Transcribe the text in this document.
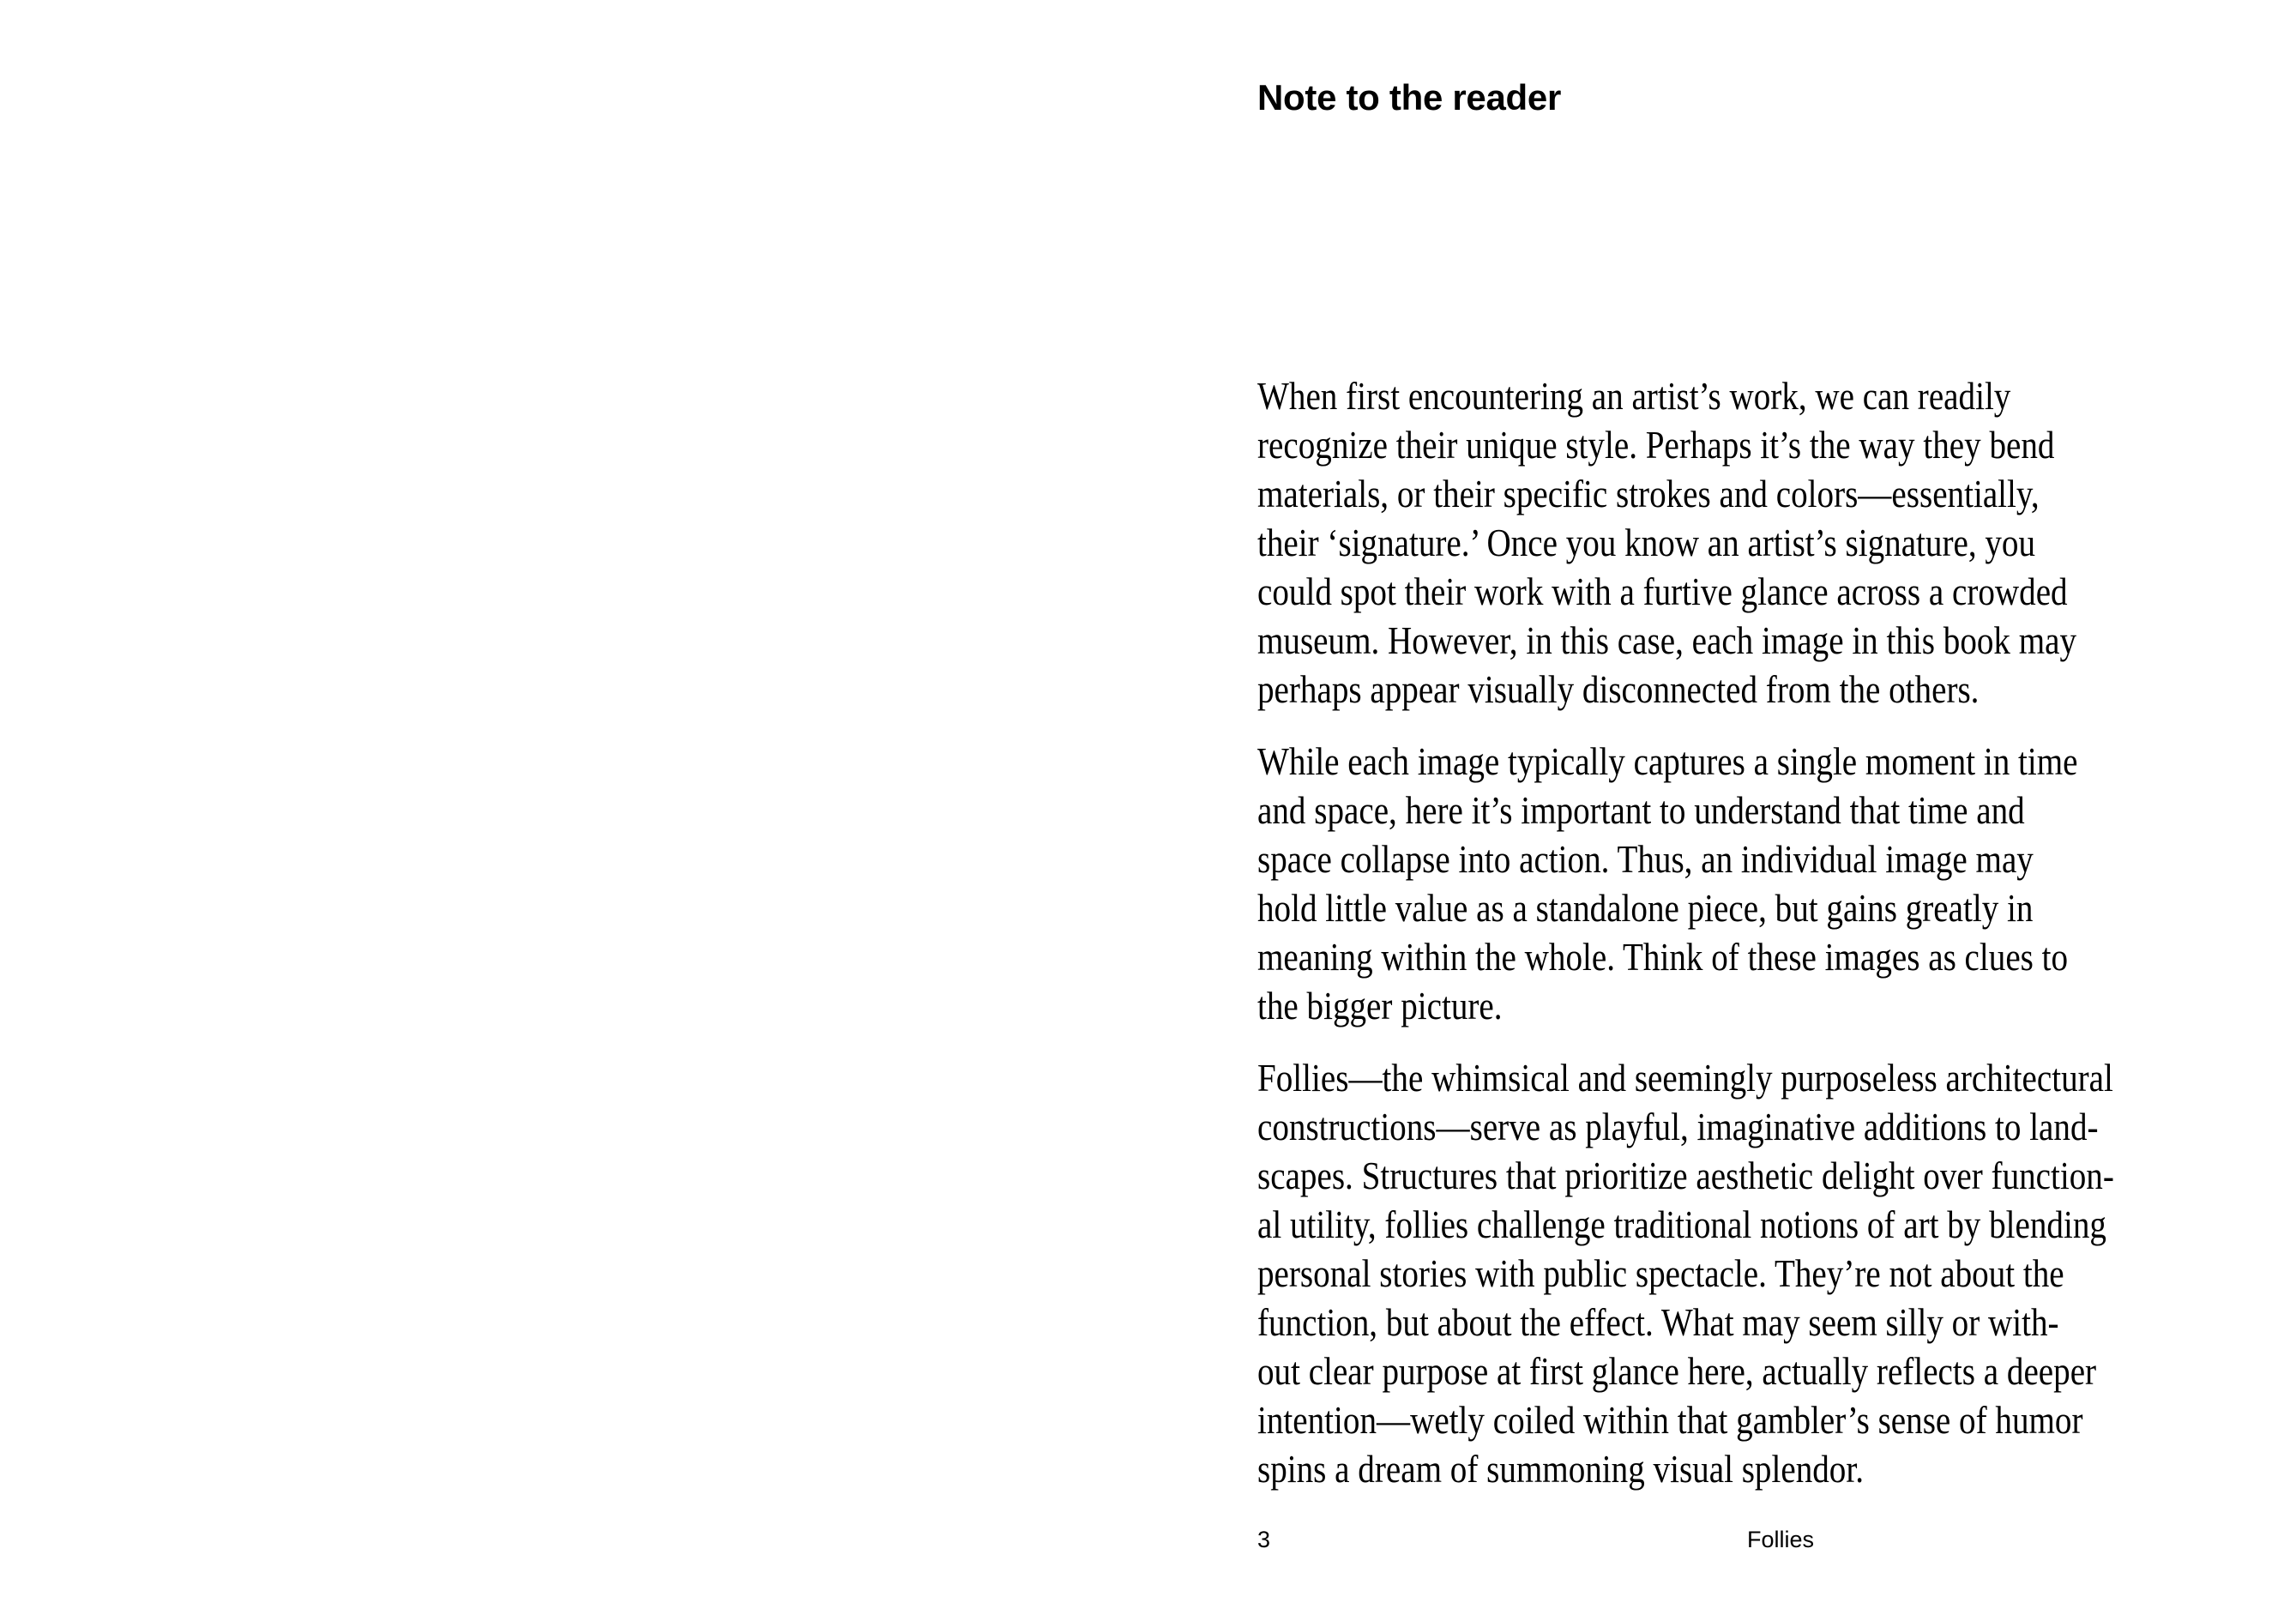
Note to the reader

When first encountering an artist’s work, we can readily
recognize their unique style. Perhaps it’s the way they bend
materials, or their specific strokes and colors—essentially,
their ‘signature.’ Once you know an artist’s signature, you
could spot their work with a furtive glance across a crowded
museum. However, in this case, each image in this book may
perhaps appear visually disconnected from the others.

While each image typically captures a single moment in time
and space, here it’s important to understand that time and
space collapse into action. Thus, an individual image may
hold little value as a standalone piece, but gains greatly in
meaning within the whole. Think of these images as clues to
the bigger picture.

Follies—the whimsical and seemingly purposeless architectural
constructions—serve as playful, imaginative additions to land-
scapes. Structures that prioritize aesthetic delight over function-
al utility, follies challenge traditional notions of art by blending
personal stories with public spectacle. They’re not about the
function, but about the effect. What may seem silly or with-
out clear purpose at first glance here, actually reflects a deeper
intention—wetly coiled within that gambler’s sense of humor
spins a dream of summoning visual splendor.

3	Follies
